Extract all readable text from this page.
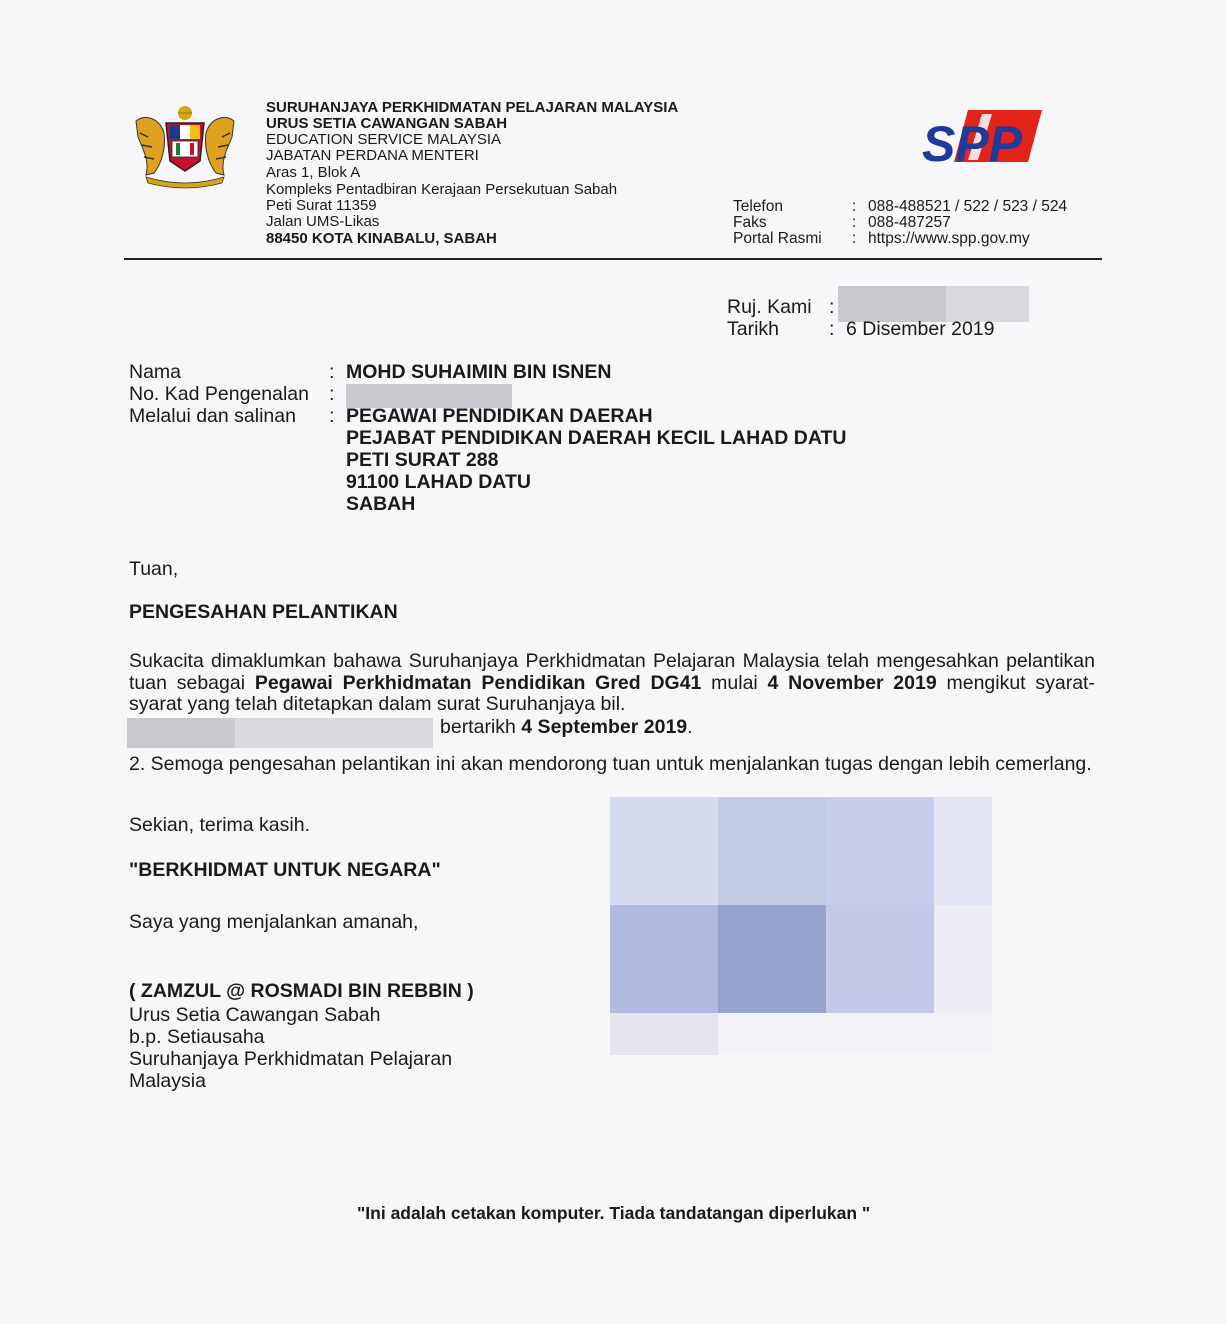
SURUHANJAYA PERKHIDMATAN PELAJARAN MALAYSIA
URUS SETIA CAWANGAN SABAH
EDUCATION SERVICE MALAYSIA
JABATAN PERDANA MENTERI
Aras 1, Blok A
Kompleks Pentadbiran Kerajaan Persekutuan Sabah
Peti Surat 11359
Jalan UMS-Likas
88450 KOTA KINABALU, SABAH
SPP
Telefon	: 088-488521 / 522 / 523 / 524
Faks	: 088-487257
Portal Rasmi : https://www.spp.gov.my
Ruj. Kami :
Tarikh	: 6 Disember 2019
Nama	: MOHD SUHAIMIN BIN ISNEN
No. Kad Pengenalan :
Melalui dan salinan : PEGAWAI PENDIDIKAN DAERAH
PEJABAT PENDIDIKAN DAERAH KECIL LAHAD DATU
PETI SURAT 288
91100 LAHAD DATU
SABAH
Tuan,
PENGESAHAN PELANTIKAN
Sukacita dimaklumkan bahawa Suruhanjaya Perkhidmatan Pelajaran Malaysia telah mengesahkan pelantikan tuan sebagai Pegawai Perkhidmatan Pendidikan Gred DG41 mulai 4 November 2019 mengikut syarat-syarat yang telah ditetapkan dalam surat Suruhanjaya bil.
bertarikh 4 September 2019.
2. Semoga pengesahan pelantikan ini akan mendorong tuan untuk menjalankan tugas dengan lebih cemerlang.
Sekian, terima kasih.
"BERKHIDMAT UNTUK NEGARA"
Saya yang menjalankan amanah,
( ZAMZUL @ ROSMADI BIN REBBIN )
Urus Setia Cawangan Sabah
b.p. Setiausaha
Suruhanjaya Perkhidmatan Pelajaran
Malaysia
"Ini adalah cetakan komputer. Tiada tandatangan diperlukan "
